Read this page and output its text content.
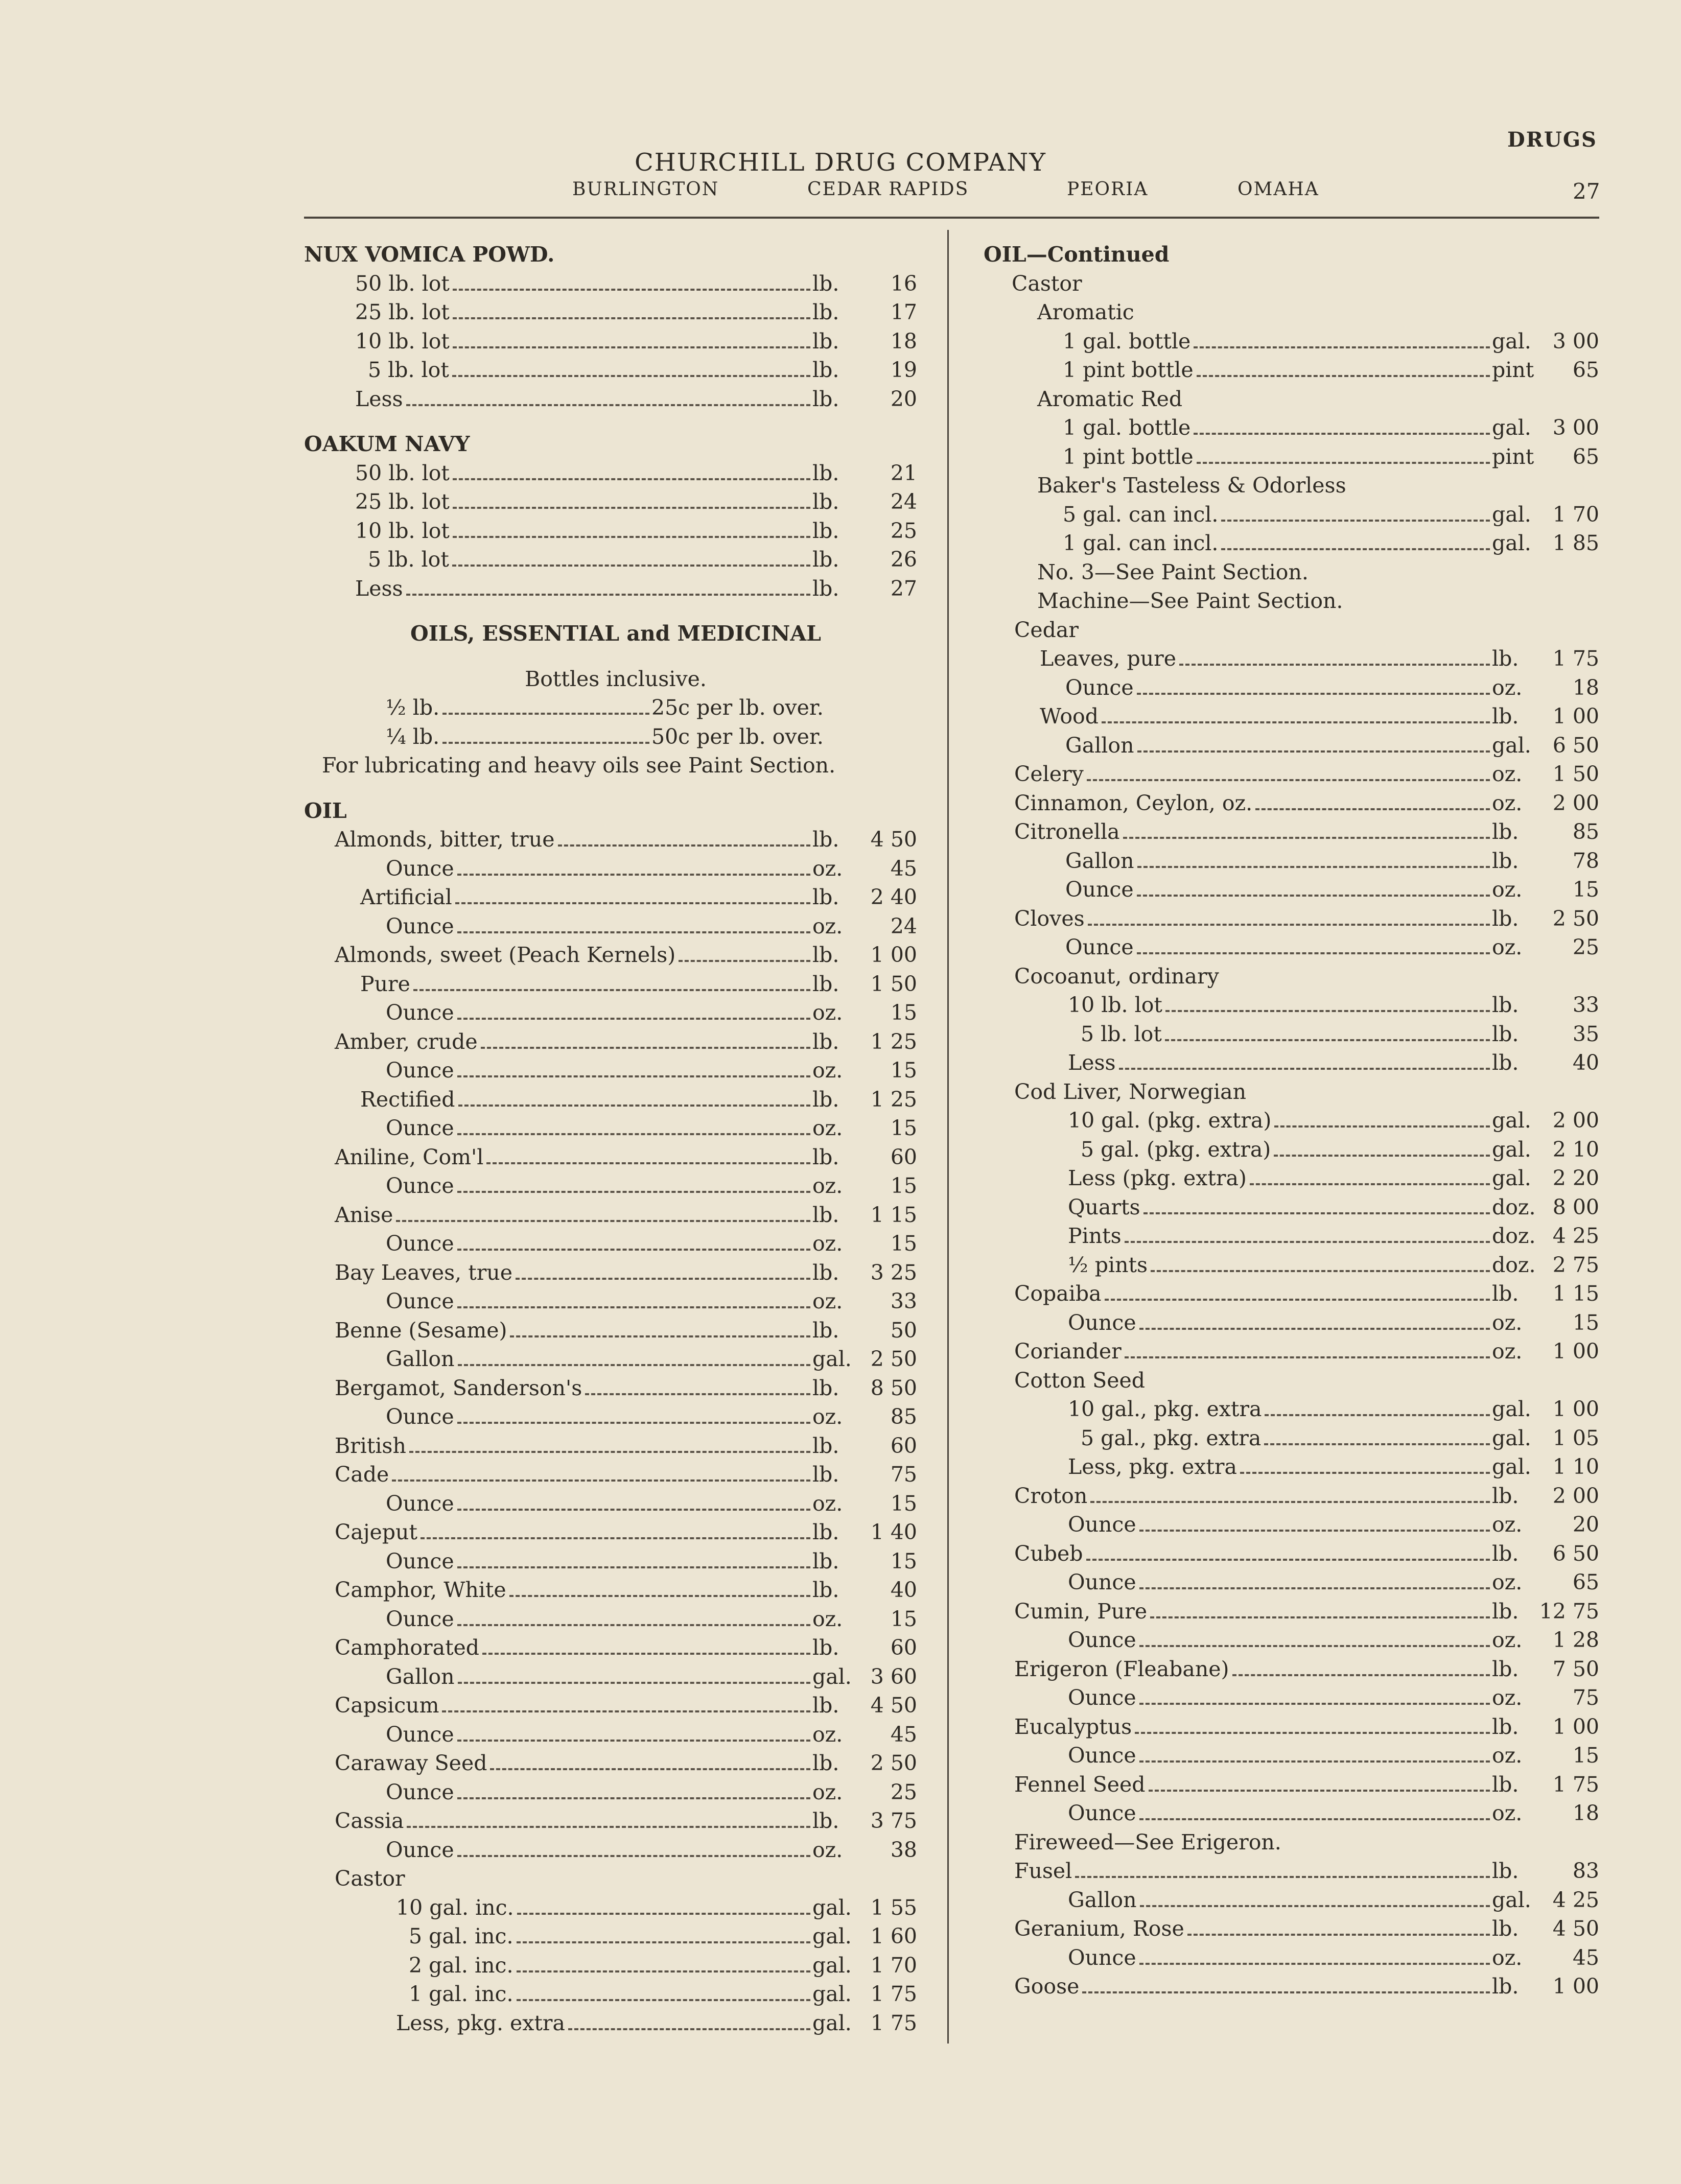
DRUGS
CHURCHILL DRUG COMPANY
BURLINGTON	CEDAR RAPIDS	PEORIA	OMAHA	27
NUX VOMICA POWD.
50 lb. lot	lb. 16
25 lb. lot	lb. 17
10 lb. lot	lb. 18
5 lb. lot	lb. 19
Less	lb. 20
OAKUM NAVY
50 lb. lot	lb. 21
25 lb. lot	lb. 24
10 lb. lot	lb. 25
5 lb. lot	lb. 26
Less	lb. 27
OILS, ESSENTIAL and MEDICINAL
Bottles inclusive.
½ lb.	25c per lb. over.
¼ lb.	50c per lb. over.
For lubricating and heavy oils see Paint Section.
OIL
Almonds, bitter, true	lb. 4 50
Ounce	oz. 45
Artificial	lb. 2 40
Ounce	oz. 24
Almonds, sweet (Peach Kernels)	lb. 1 00
Pure	lb. 1 50
Ounce	oz. 15
Amber, crude	lb. 1 25
Ounce	oz. 15
Rectified	lb. 1 25
Ounce	oz. 15
Aniline, Com'l	lb. 60
Ounce	oz. 15
Anise	lb. 1 15
Ounce	oz. 15
Bay Leaves, true	lb. 3 25
Ounce	oz. 33
Benne (Sesame)	lb. 50
Gallon	gal. 2 50
Bergamot, Sanderson's	lb. 8 50
Ounce	oz. 85
British	lb. 60
Cade	lb. 75
Ounce	oz. 15
Cajeput	lb. 1 40
Ounce	lb. 15
Camphor, White	lb. 40
Ounce	oz. 15
Camphorated	lb. 60
Gallon	gal. 3 60
Capsicum	lb. 4 50
Ounce	oz. 45
Caraway Seed	lb. 2 50
Ounce	oz. 25
Cassia	lb. 3 75
Ounce	oz. 38
Castor
10 gal. inc.	gal. 1 55
5 gal. inc.	gal. 1 60
2 gal. inc.	gal. 1 70
1 gal. inc.	gal. 1 75
Less, pkg. extra	gal. 1 75
OIL—Continued
Castor
Aromatic
1 gal. bottle	gal. 3 00
1 pint bottle	pint 65
Aromatic Red
1 gal. bottle	gal. 3 00
1 pint bottle	pint 65
Baker's Tasteless & Odorless
5 gal. can incl.	gal. 1 70
1 gal. can incl.	gal. 1 85
No. 3—See Paint Section.
Machine—See Paint Section.
Cedar
Leaves, pure	lb. 1 75
Ounce	oz. 18
Wood	lb. 1 00
Gallon	gal. 6 50
Celery	oz. 1 50
Cinnamon, Ceylon, oz.	oz. 2 00
Citronella	lb.	85
Gallon	lb.	78
Ounce	oz. 15
Cloves	lb. 2 50
Ounce	oz. 25
Cocoanut, ordinary
10 lb. lot	lb.	33
5 lb. lot	lb.	35
Less	lb.	40
Cod Liver, Norwegian
10 gal. (pkg. extra)	gal. 2 00
5 gal. (pkg. extra)	gal. 2 10
Less (pkg. extra)	gal. 2 20
Quarts	doz. 8 00
Pints	doz. 4 25
½ pints	doz. 2 75
Copaiba	lb. 1 15
Ounce	oz. 15
Coriander	oz. 1 00
Cotton Seed
10 gal., pkg. extra	gal. 1 00
5 gal., pkg. extra	gal. 1 05
Less, pkg. extra	gal. 1 10
Croton	lb. 2 00
Ounce	oz. 20
Cubeb	lb. 6 50
Ounce	oz. 65
Cumin, Pure	lb. 12 75
Ounce	oz. 1 28
Erigeron (Fleabane)	lb. 7 50
Ounce	oz. 75
Eucalyptus	lb. 1 00
Ounce	oz. 15
Fennel Seed	lb. 1 75
Ounce	oz. 18
Fireweed—See Erigeron.
Fusel	lb.	83
Gallon	gal. 4 25
Geranium, Rose	lb. 4 50
Ounce	oz. 45
Goose	lb. 1 00
